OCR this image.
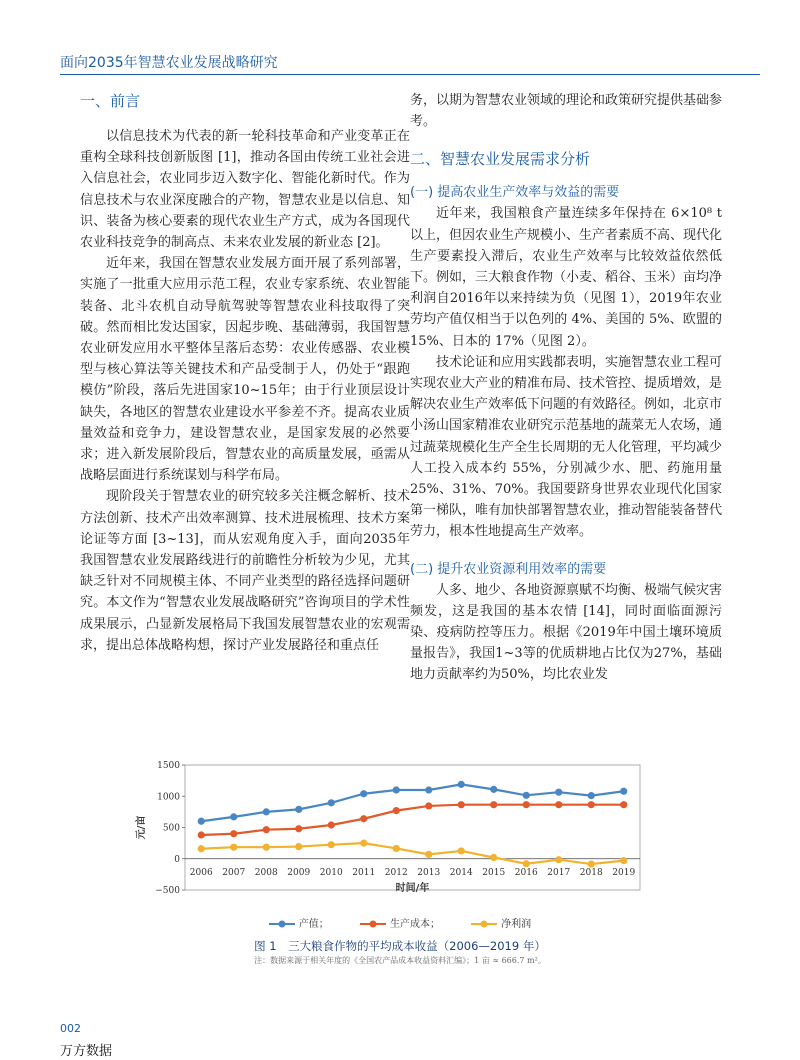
面向2035年智慧农业发展战略研究
一、前言

以信息技术为代表的新一轮科技革命和产业变革正在重构全球科技创新版图 [1]，推动各国由传统工业社会进入信息社会，农业同步迈入数字化、智能化新时代。作为信息技术与农业深度融合的产物，智慧农业是以信息、知识、装备为核心要素的现代农业生产方式，成为各国现代农业科技竞争的制高点、未来农业发展的新业态 [2]。

近年来，我国在智慧农业发展方面开展了系列部署，实施了一批重大应用示范工程，农业专家系统、农业智能装备、北斗农机自动导航驾驶等智慧农业科技取得了突破。然而相比发达国家，因起步晚、基础薄弱，我国智慧农业研发应用水平整体呈落后态势：农业传感器、农业模型与核心算法等关键技术和产品受制于人，仍处于“跟跑模仿”阶段，落后先进国家10~15年；由于行业顶层设计缺失，各地区的智慧农业建设水平参差不齐。提高农业质量效益和竞争力，建设智慧农业，是国家发展的必然要求；进入新发展阶段后，智慧农业的高质量发展，亟需从战略层面进行系统谋划与科学布局。

现阶段关于智慧农业的研究较多关注概念解析、技术方法创新、技术产出效率测算、技术进展梳理、技术方案论证等方面 [3~13]，而从宏观角度入手，面向2035年我国智慧农业发展路线进行的前瞻性分析较为少见，尤其缺乏针对不同规模主体、不同产业类型的路径选择问题研究。本文作为“智慧农业发展战略研究”咨询项目的学术性成果展示，凸显新发展格局下我国发展智慧农业的宏观需求，提出总体战略构想，探讨产业发展路径和重点任

务，以期为智慧农业领域的理论和政策研究提供基础参考。

二、智慧农业发展需求分析
(一) 提高农业生产效率与效益的需要

近年来，我国粮食产量连续多年保持在 6×10⁸ t以上，但因农业生产规模小、生产者素质不高、现代化生产要素投入滞后，农业生产效率与比较效益依然低下。例如，三大粮食作物（小麦、稻谷、玉米）亩均净利润自2016年以来持续为负（见图 1），2019年农业劳均产值仅相当于以色列的 4%、美国的 5%、欧盟的 15%、日本的 17%（见图 2）。

技术论证和应用实践都表明，实施智慧农业工程可实现农业大产业的精准布局、技术管控、提质增效，是解决农业生产效率低下问题的有效路径。例如，北京市小汤山国家精准农业研究示范基地的蔬菜无人农场，通过蔬菜规模化生产全生长周期的无人化管理，平均减少人工投入成本约 55%，分别减少水、肥、药施用量 25%、31%、70%。我国要跻身世界农业现代化国家第一梯队，唯有加快部署智慧农业，推动智能装备替代劳力，根本性地提高生产效率。

(二) 提升农业资源利用效率的需要

人多、地少、各地资源禀赋不均衡、极端气候灾害频发，这是我国的基本农情 [14]，同时面临面源污染、疫病防控等压力。根据《2019年中国土壤环境质量报告》，我国1~3等的优质耕地占比仅为27%，基础地力贡献率约为50%，均比农业发

−500
0
500
1000
1500
2006 2007 2008 2009 2010 2011 2012 2013 2014 2015 2016 2017 2018 2019
时间/年
元/亩
产值；	生产成本；	净利润
图 1　三大粮食作物的平均成本收益（2006—2019 年）
注：数据来源于相关年度的《全国农产品成本收益资料汇编》；1 亩 ≈ 666.7 m²。
002
万方数据
